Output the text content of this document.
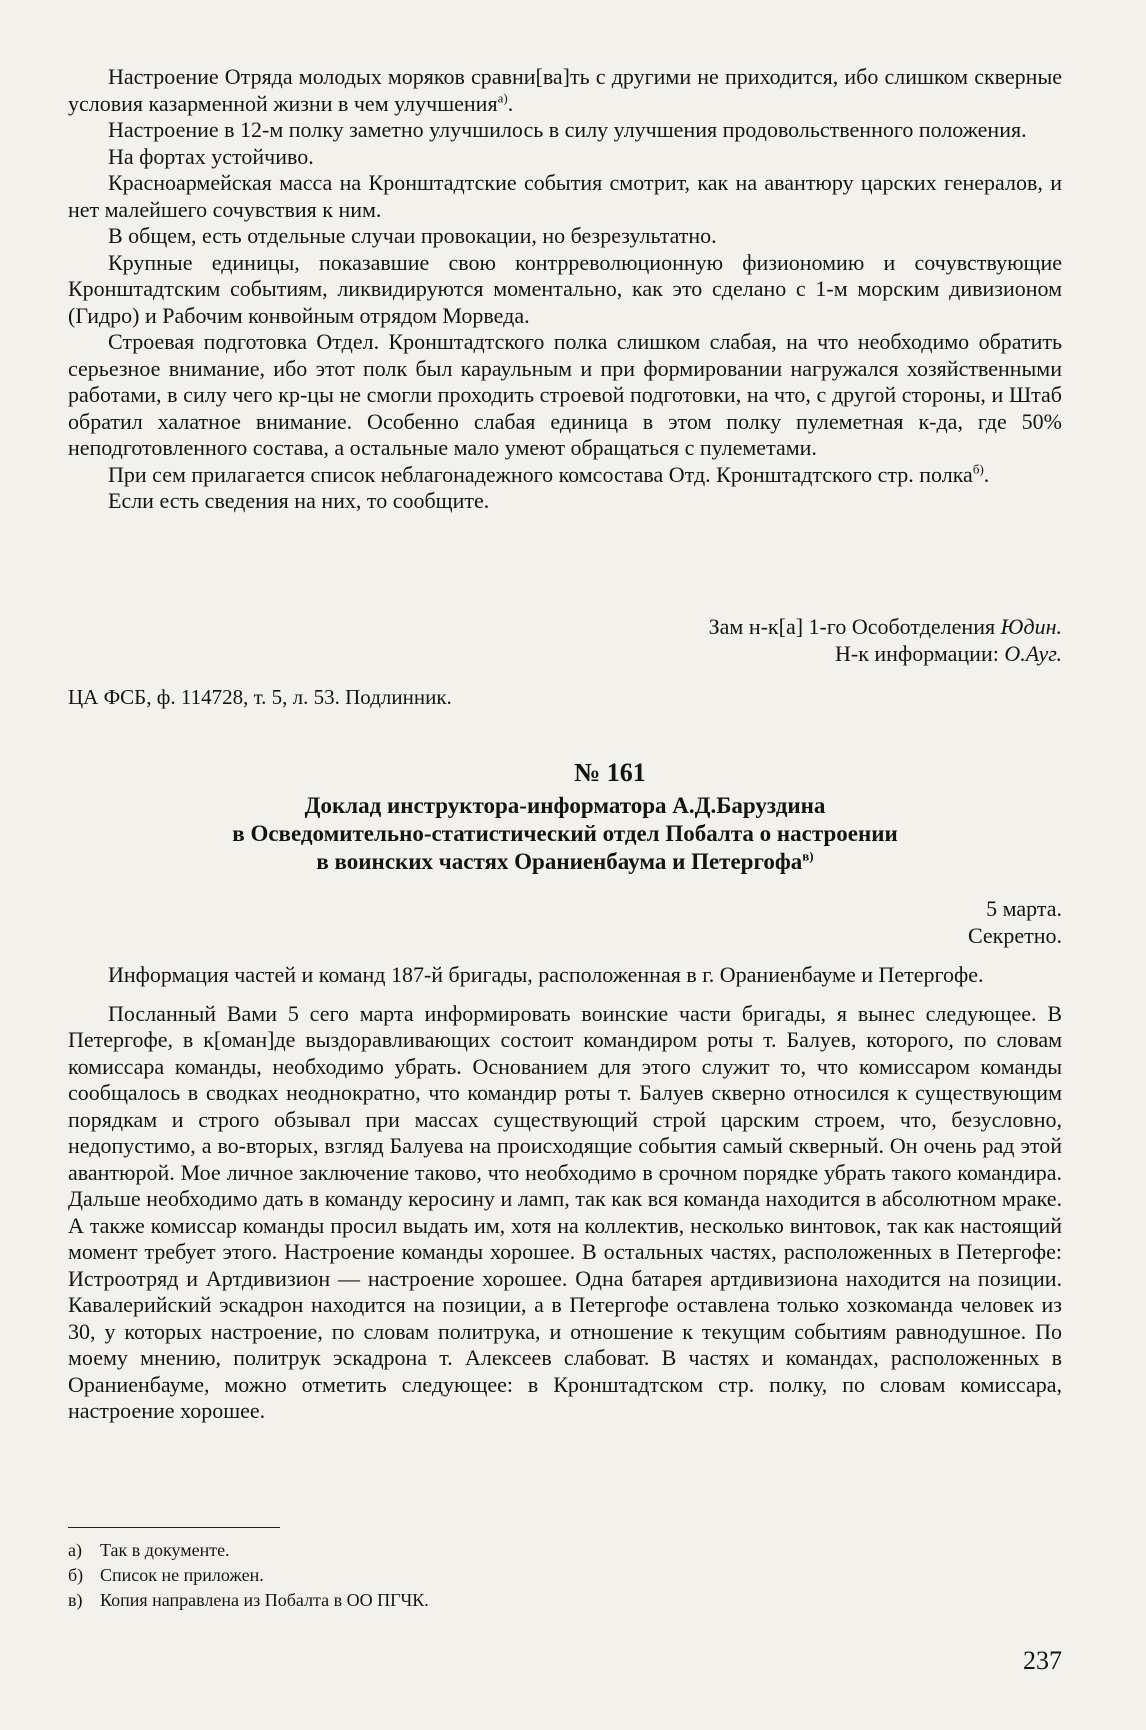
Настроение Отряда молодых моряков сравни[ва]ть с другими не приходится, ибо слишком скверные условия казарменной жизни в чем улучшения$^{а)}$.

Настроение в 12-м полку заметно улучшилось в силу улучшения продовольственного положения.

На фортах устойчиво.

Красноармейская масса на Кронштадтские события смотрит, как на авантюру царских генералов, и нет малейшего сочувствия к ним.

В общем, есть отдельные случаи провокации, но безрезультатно.

Крупные единицы, показавшие свою контрреволюционную физиономию и сочувствующие Кронштадтским событиям, ликвидируются моментально, как это сделано с 1-м морским дивизионом (Гидро) и Рабочим конвойным отрядом Морведа.

Строевая подготовка Отдел. Кронштадтского полка слишком слабая, на что необходимо обратить серьезное внимание, ибо этот полк был караульным и при формировании нагружался хозяйственными работами, в силу чего кр-цы не смогли проходить строевой подготовки, на что, с другой стороны, и Штаб обратил халатное внимание. Особенно слабая единица в этом полку пулеметная к-да, где 50% неподготовленного состава, а остальные мало умеют обращаться с пулеметами.

При сем прилагается список неблагонадежного комсостава Отд. Кронштадтского стр. полка$^{б)}$.

Если есть сведения на них, то сообщите.

Зам н-к[а] 1-го Особотделения Юдин.

Н-к информации: О.Ауг.

ЦА ФСБ, ф. 114728, т. 5, л. 53. Подлинник.

№ 161
Доклад инструктора-информатора А.Д.Баруздина
в Осведомительно-статистический отдел Побалта о настроении
в воинских частях Ораниенбаума и Петергофа$^{в)}$

5 марта.

Секретно.

Информация частей и команд 187-й бригады, расположенная в г. Ораниенбауме и Петергофе.

Посланный Вами 5 сего марта информировать воинские части бригады, я вынес следующее. В Петергофе, в к[оман]де выздоравливающих состоит командиром роты т. Балуев, которого, по словам комиссара команды, необходимо убрать. Основанием для этого служит то, что комиссаром команды сообщалось в сводках неоднократно, что командир роты т. Балуев скверно относился к существующим порядкам и строго обзывал при массах существующий строй царским строем, что, безусловно, недопустимо, а во-вторых, взгляд Балуева на происходящие события самый скверный. Он очень рад этой авантюрой. Мое личное заключение таково, что необходимо в срочном порядке убрать такого командира. Дальше необходимо дать в команду керосину и ламп, так как вся команда находится в абсолютном мраке. А также комиссар команды просил выдать им, хотя на коллектив, несколько винтовок, так как настоящий момент требует этого. Настроение команды хорошее. В остальных частях, расположенных в Петергофе: Истроотряд и Артдивизион — настроение хорошее. Одна батарея артдивизиона находится на позиции. Кавалерийский эскадрон находится на позиции, а в Петергофе оставлена только хозкоманда человек из 30, у которых настроение, по словам политрука, и отношение к текущим событиям равнодушное. По моему мнению, политрук эскадрона т. Алексеев слабоват. В частях и командах, расположенных в Ораниенбауме, можно отметить следующее: в Кронштадтском стр. полку, по словам комиссара, настроение хорошее.

а) Так в документе.
б) Список не приложен.
в) Копия направлена из Побалта в ОО ПГЧК.
237
